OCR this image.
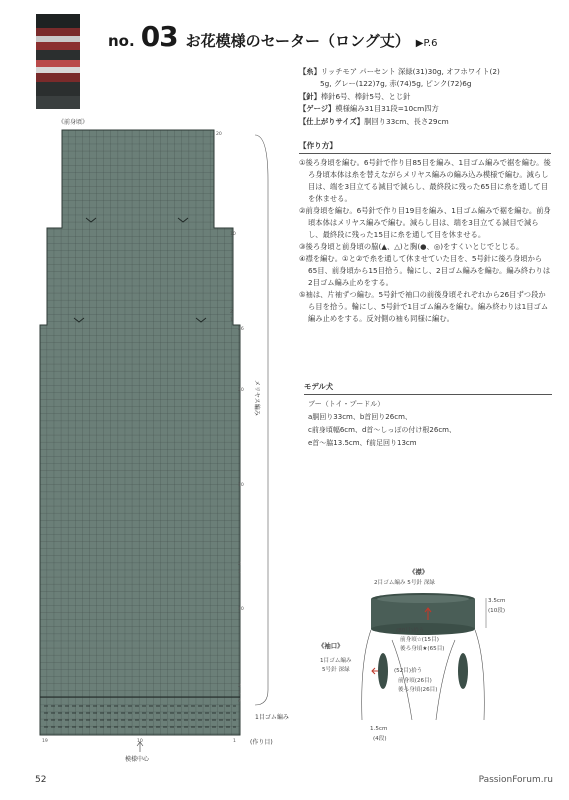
no. 03 お花模様のセーター（ロング丈） ▶P.6
【糸】リッチモア パーセント 深緑(31)30g, オフホワイト(2)
5g, グレー(122)7g, 赤(74)5g, ピンク(72)6g
【針】棒針6号、棒針5号、とじ針
【ゲージ】模様編み31目31段=10cm四方
【仕上がりサイズ】胴回り33cm、長さ29cm
【作り方】
①後ろ身頃を編む。6号針で作り目85目を編み、1目ゴム編みで裾を編む。後ろ身頃本体は糸を替えながらメリヤス編みの編み込み模様で編む。減らし目は、端を3目立てる減目で減らし、最終段に残った65目に糸を通して目を休ませる。
②前身頃を編む。6号針で作り目19目を編み、1目ゴム編みで裾を編む。前身頃本体はメリヤス編みで編む。減らし目は、端を3目立てる減目で減らし、最終段に残った15目に糸を通して目を休ませる。
③後ろ身頃と前身頃の脇(▲、△)と胸(●、◎)をすくいとじでとじる。
④襟を編む。①と②で糸を通して休ませていた目を、5号針に後ろ身頃から65目、前身頃から15目拾う。輪にし、2目ゴム編みを編む。編み終わりは2目ゴム編み止めをする。
⑤袖は、片袖ずつ編む。5号針で袖口の前後身頃それぞれから26目ずつ段から目を拾う。輪にし、5号針で1目ゴム編みを編む。編み終わりは1目ゴム編み止めをする。反対側の袖も同様に編む。
モデル犬
ブー（トイ・プードル）
a胴回り33cm、b首回り26cm、
c前身頃幅6cm、d首〜しっぽの付け根26cm、
e首〜脇13.5cm、f前足回り13cm
《前身頃》
メリヤス編み
1目ゴム編み
(作り目)
模様中心
19	10	1
20
10
2
1
26
20
10
2
1
10
4
2
1
《襟》
2目ゴム編み 5号針 深緑
3.5cm
(10段)
(80目)拾う
前身頃☆(15目)
後ろ身頃★(65目)
《袖口》
1目ゴム編み
5号針 深緑	(52目)拾う
前身頃(26目)
後ろ身頃(26目)
1.5cm
(4段)
52	PassionForum.ru
